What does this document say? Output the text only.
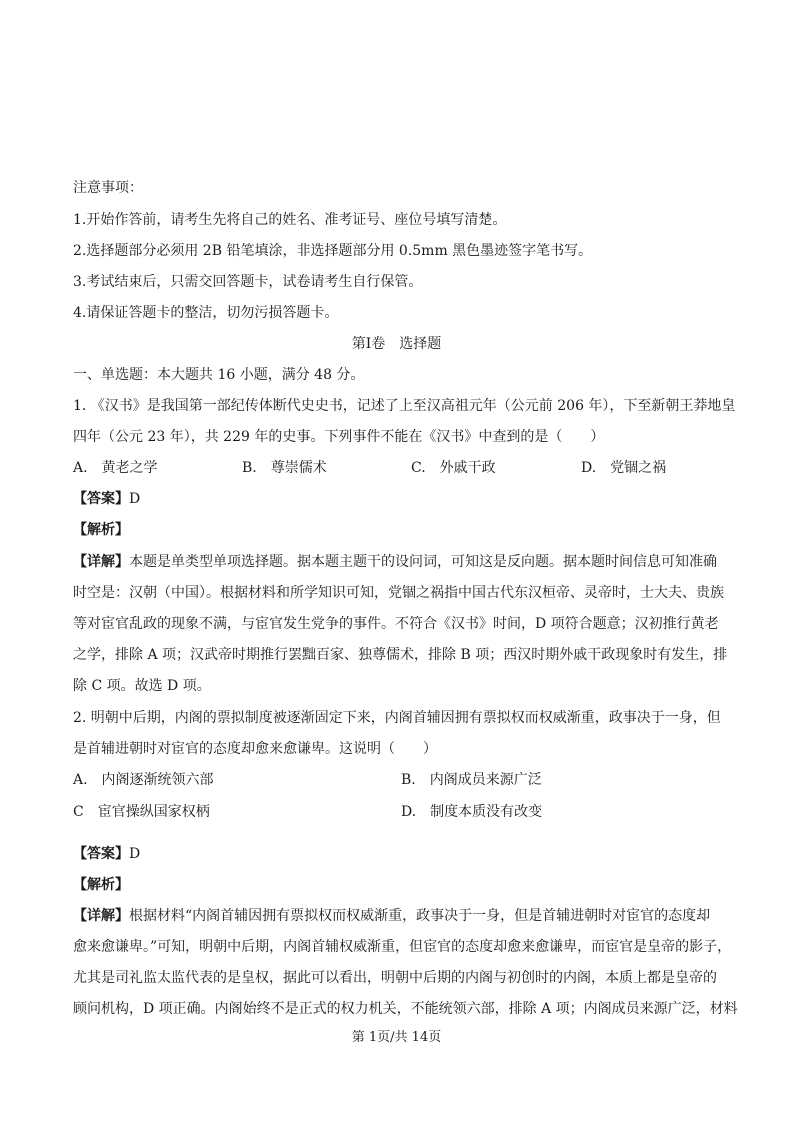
注意事项：
1.开始作答前，请考生先将自己的姓名、准考证号、座位号填写清楚。
2.选择题部分必须用 2B 铅笔填涂，非选择题部分用 0.5mm 黑色墨迹签字笔书写。
3.考试结束后，只需交回答题卡，试卷请考生自行保管。
4.请保证答题卡的整洁，切勿污损答题卡。
第Ⅰ卷　选择题
一、单选题：本大题共 16 小题，满分 48 分。
1. 《汉书》是我国第一部纪传体断代史史书，记述了上至汉高祖元年（公元前 206 年），下至新朝王莽地皇
四年（公元 23 年），共 229 年的史事。下列事件不能在《汉书》中查到的是（　　）
A.　黄老之学	B.　尊崇儒术	C.　外戚干政	D.　党锢之祸
【答案】D
【解析】
【详解】本题是单类型单项选择题。据本题主题干的设问词，可知这是反向题。据本题时间信息可知准确
时空是：汉朝（中国）。根据材料和所学知识可知，党锢之祸指中国古代东汉桓帝、灵帝时，士大夫、贵族
等对宦官乱政的现象不满，与宦官发生党争的事件。不符合《汉书》时间，D 项符合题意；汉初推行黄老
之学，排除 A 项；汉武帝时期推行罢黜百家、独尊儒术，排除 B 项；西汉时期外戚干政现象时有发生，排
除 C 项。故选 D 项。
2. 明朝中后期，内阁的票拟制度被逐渐固定下来，内阁首辅因拥有票拟权而权威渐重，政事决于一身，但
是首辅进朝时对宦官的态度却愈来愈谦卑。这说明（　　）
A.　内阁逐渐统领六部	B.　内阁成员来源广泛
C　宦官操纵国家权柄	D.　制度本质没有改变
【答案】D
【解析】
【详解】根据材料“内阁首辅因拥有票拟权而权威渐重，政事决于一身，但是首辅进朝时对宦官的态度却
愈来愈谦卑。”可知，明朝中后期，内阁首辅权威渐重，但宦官的态度却愈来愈谦卑，而宦官是皇帝的影子，
尤其是司礼监太监代表的是皇权，据此可以看出，明朝中后期的内阁与初创时的内阁，本质上都是皇帝的
顾问机构，D 项正确。内阁始终不是正式的权力机关，不能统领六部，排除 A 项；内阁成员来源广泛，材料
第 1页/共 14页
